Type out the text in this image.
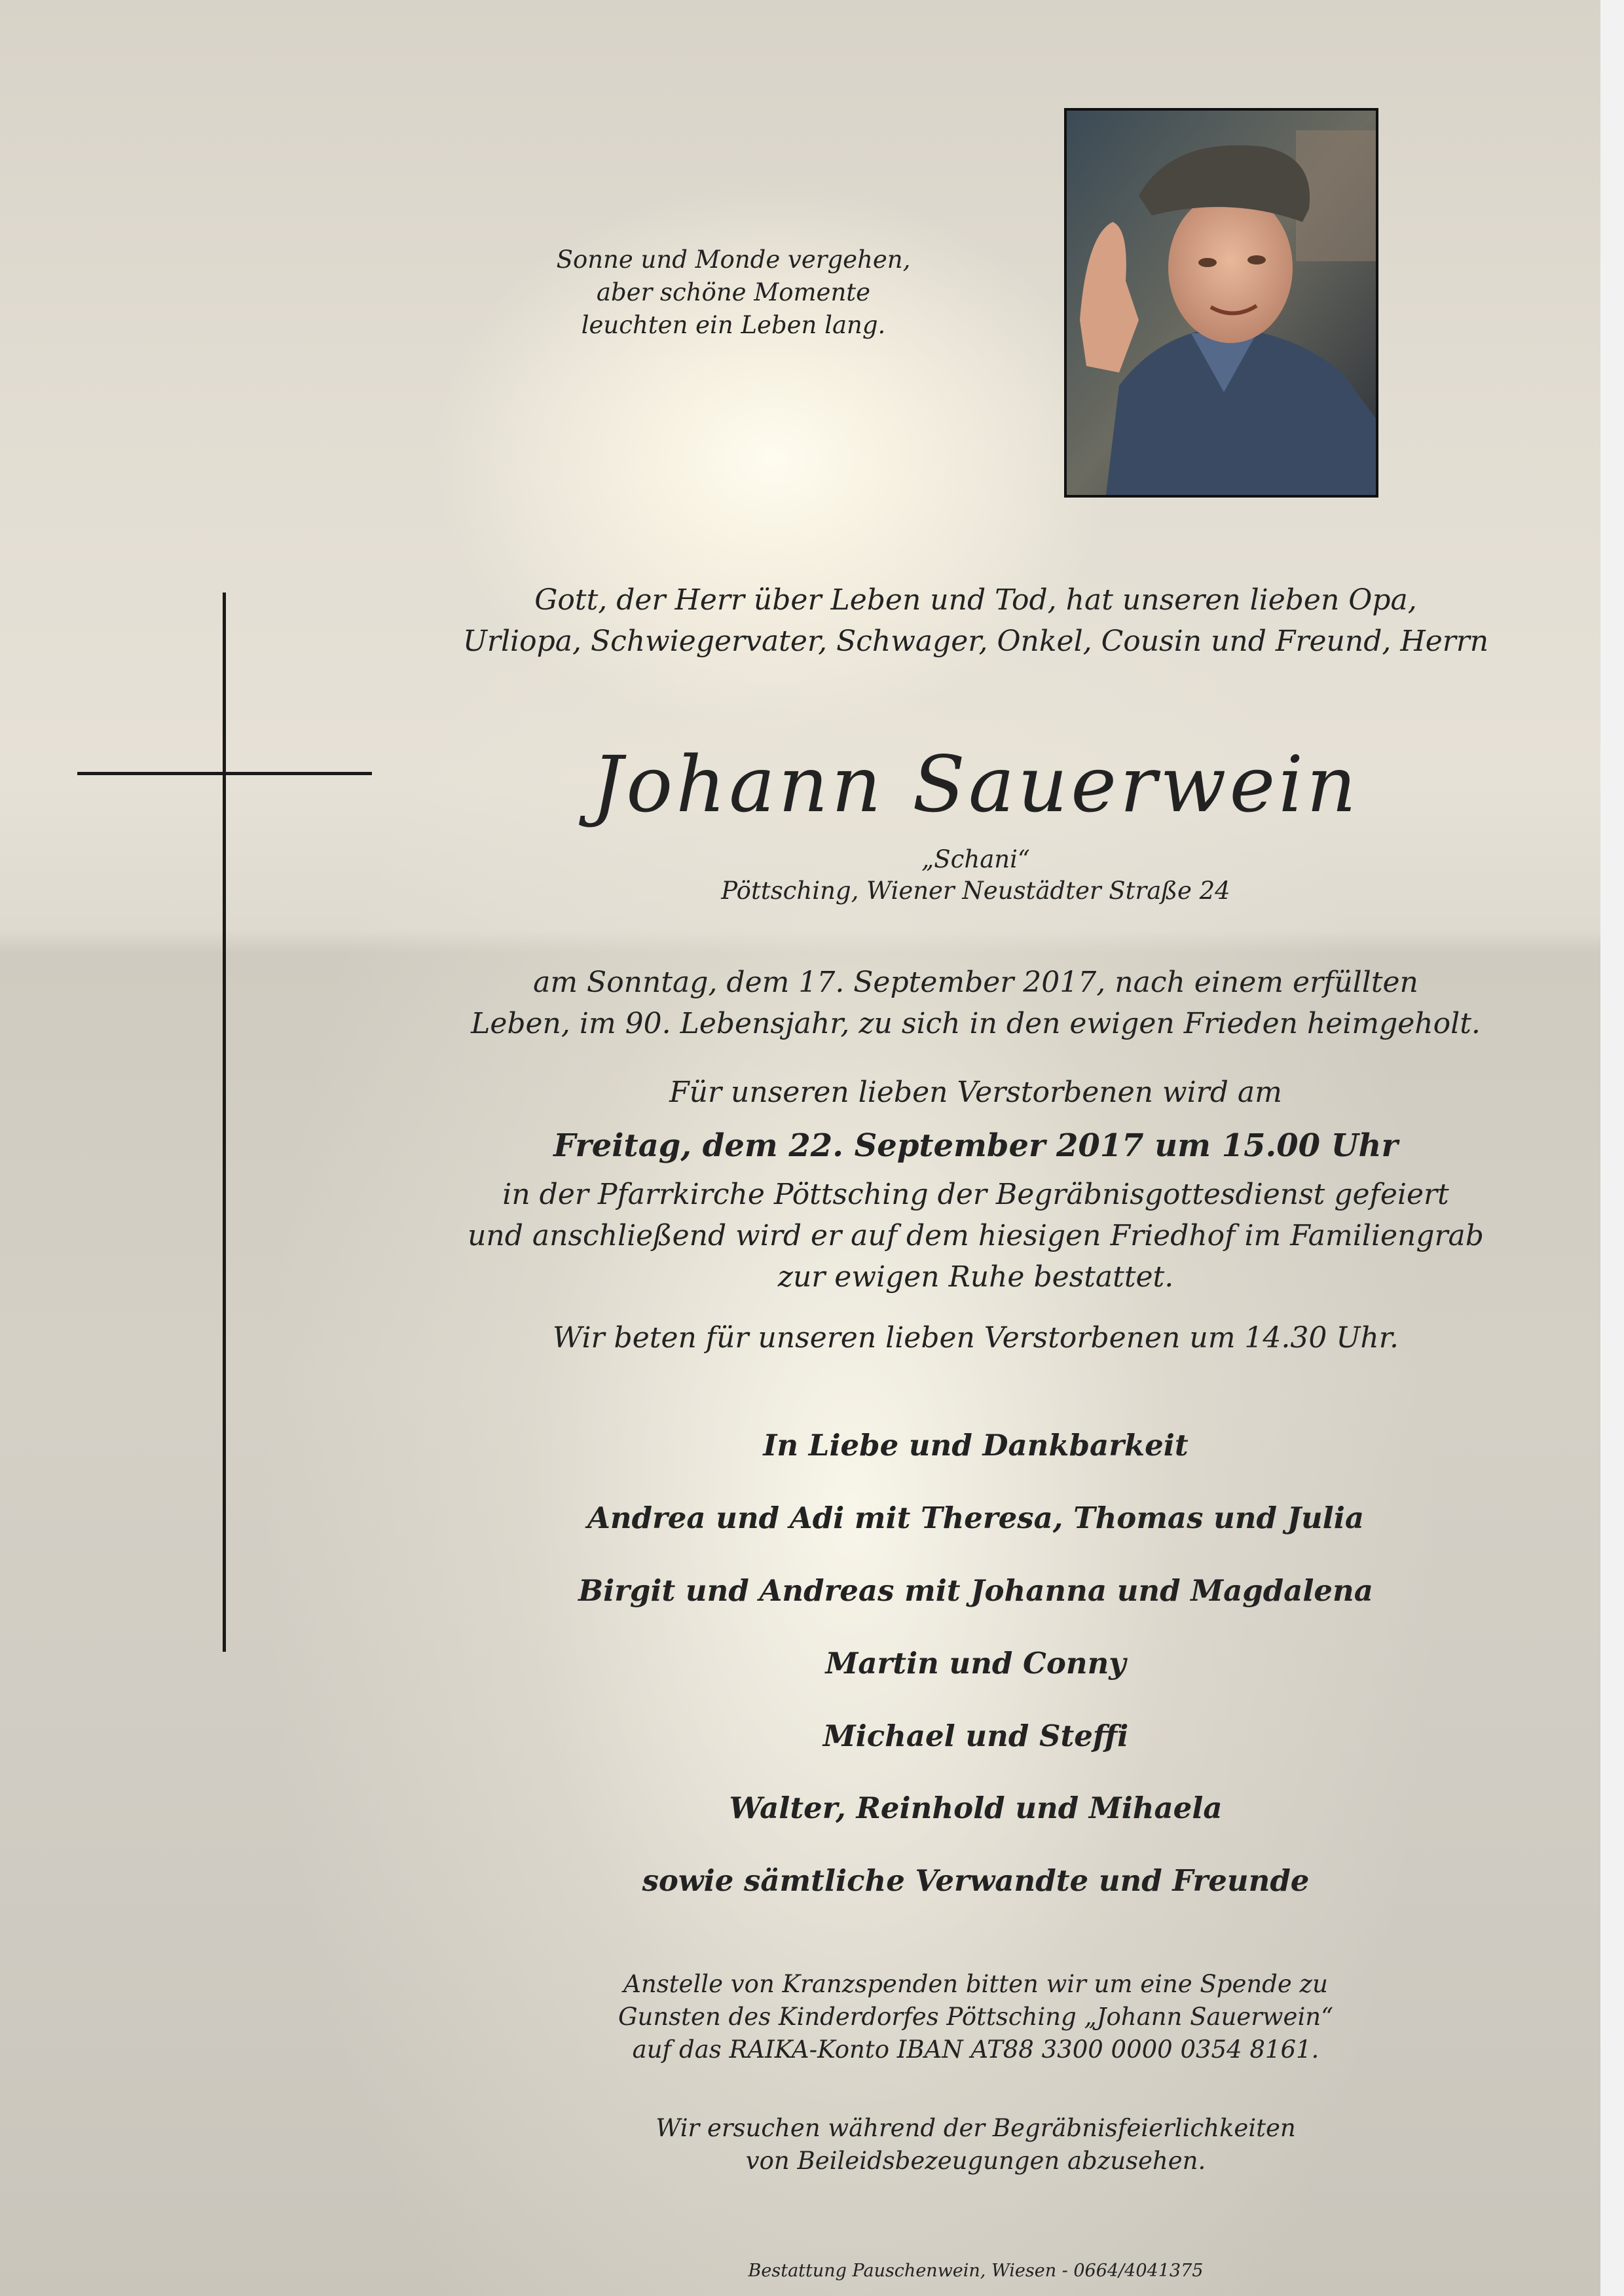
Sonne und Monde vergehen,
aber schöne Momente
leuchten ein Leben lang.
Gott, der Herr über Leben und Tod, hat unseren lieben Opa,
Urliopa, Schwiegervater, Schwager, Onkel, Cousin und Freund, Herrn
Johann Sauerwein
„Schani“
Pöttsching, Wiener Neustädter Straße 24
am Sonntag, dem 17. September 2017, nach einem erfüllten
Leben, im 90. Lebensjahr, zu sich in den ewigen Frieden heimgeholt.
Für unseren lieben Verstorbenen wird am
Freitag, dem 22. September 2017 um 15.00 Uhr
in der Pfarrkirche Pöttsching der Begräbnisgottesdienst gefeiert
und anschließend wird er auf dem hiesigen Friedhof im Familiengrab
zur ewigen Ruhe bestattet.
Wir beten für unseren lieben Verstorbenen um 14.30 Uhr.
In Liebe und Dankbarkeit
Andrea und Adi mit Theresa, Thomas und Julia
Birgit und Andreas mit Johanna und Magdalena
Martin und Conny
Michael und Steffi
Walter, Reinhold und Mihaela
sowie sämtliche Verwandte und Freunde
Anstelle von Kranzspenden bitten wir um eine Spende zu
Gunsten des Kinderdorfes Pöttsching „Johann Sauerwein“
auf das RAIKA-Konto IBAN AT88 3300 0000 0354 8161.
Wir ersuchen während der Begräbnisfeierlichkeiten
von Beileidsbezeugungen abzusehen.
Bestattung Pauschenwein, Wiesen - 0664/4041375
